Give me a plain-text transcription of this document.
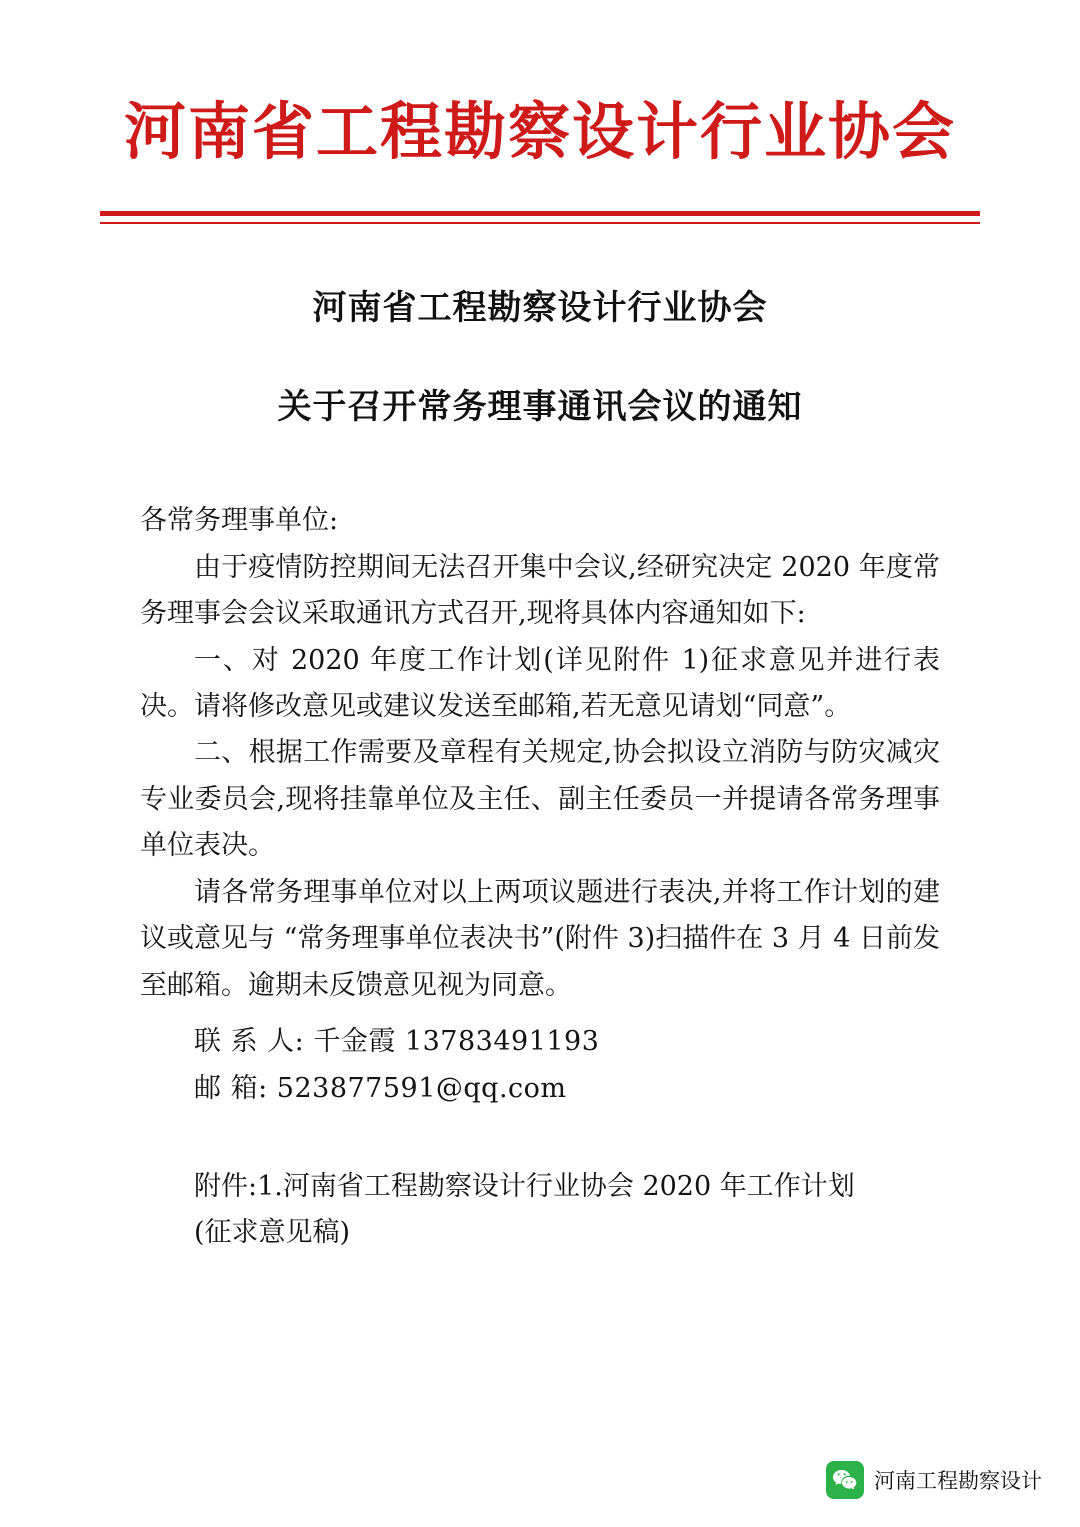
河南省工程勘察设计行业协会
河南省工程勘察设计行业协会
关于召开常务理事通讯会议的通知

各常务理事单位:

由于疫情防控期间无法召开集中会议,经研究决定 2020 年度常务理事会会议采取通讯方式召开,现将具体内容通知如下:

一、对 2020 年度工作计划(详见附件 1)征求意见并进行表决。请将修改意见或建议发送至邮箱,若无意见请划“同意”。

二、根据工作需要及章程有关规定,协会拟设立消防与防灾减灾专业委员会,现将挂靠单位及主任、副主任委员一并提请各常务理事单位表决。

请各常务理事单位对以上两项议题进行表决,并将工作计划的建议或意见与 “常务理事单位表决书”(附件 3)扫描件在 3 月 4 日前发至邮箱。逾期未反馈意见视为同意。

联 系 人: 千金霞 13783491193

邮 箱: 523877591@qq.com

附件:1.河南省工程勘察设计行业协会 2020 年工作计划

(征求意见稿)

河南工程勘察设计
